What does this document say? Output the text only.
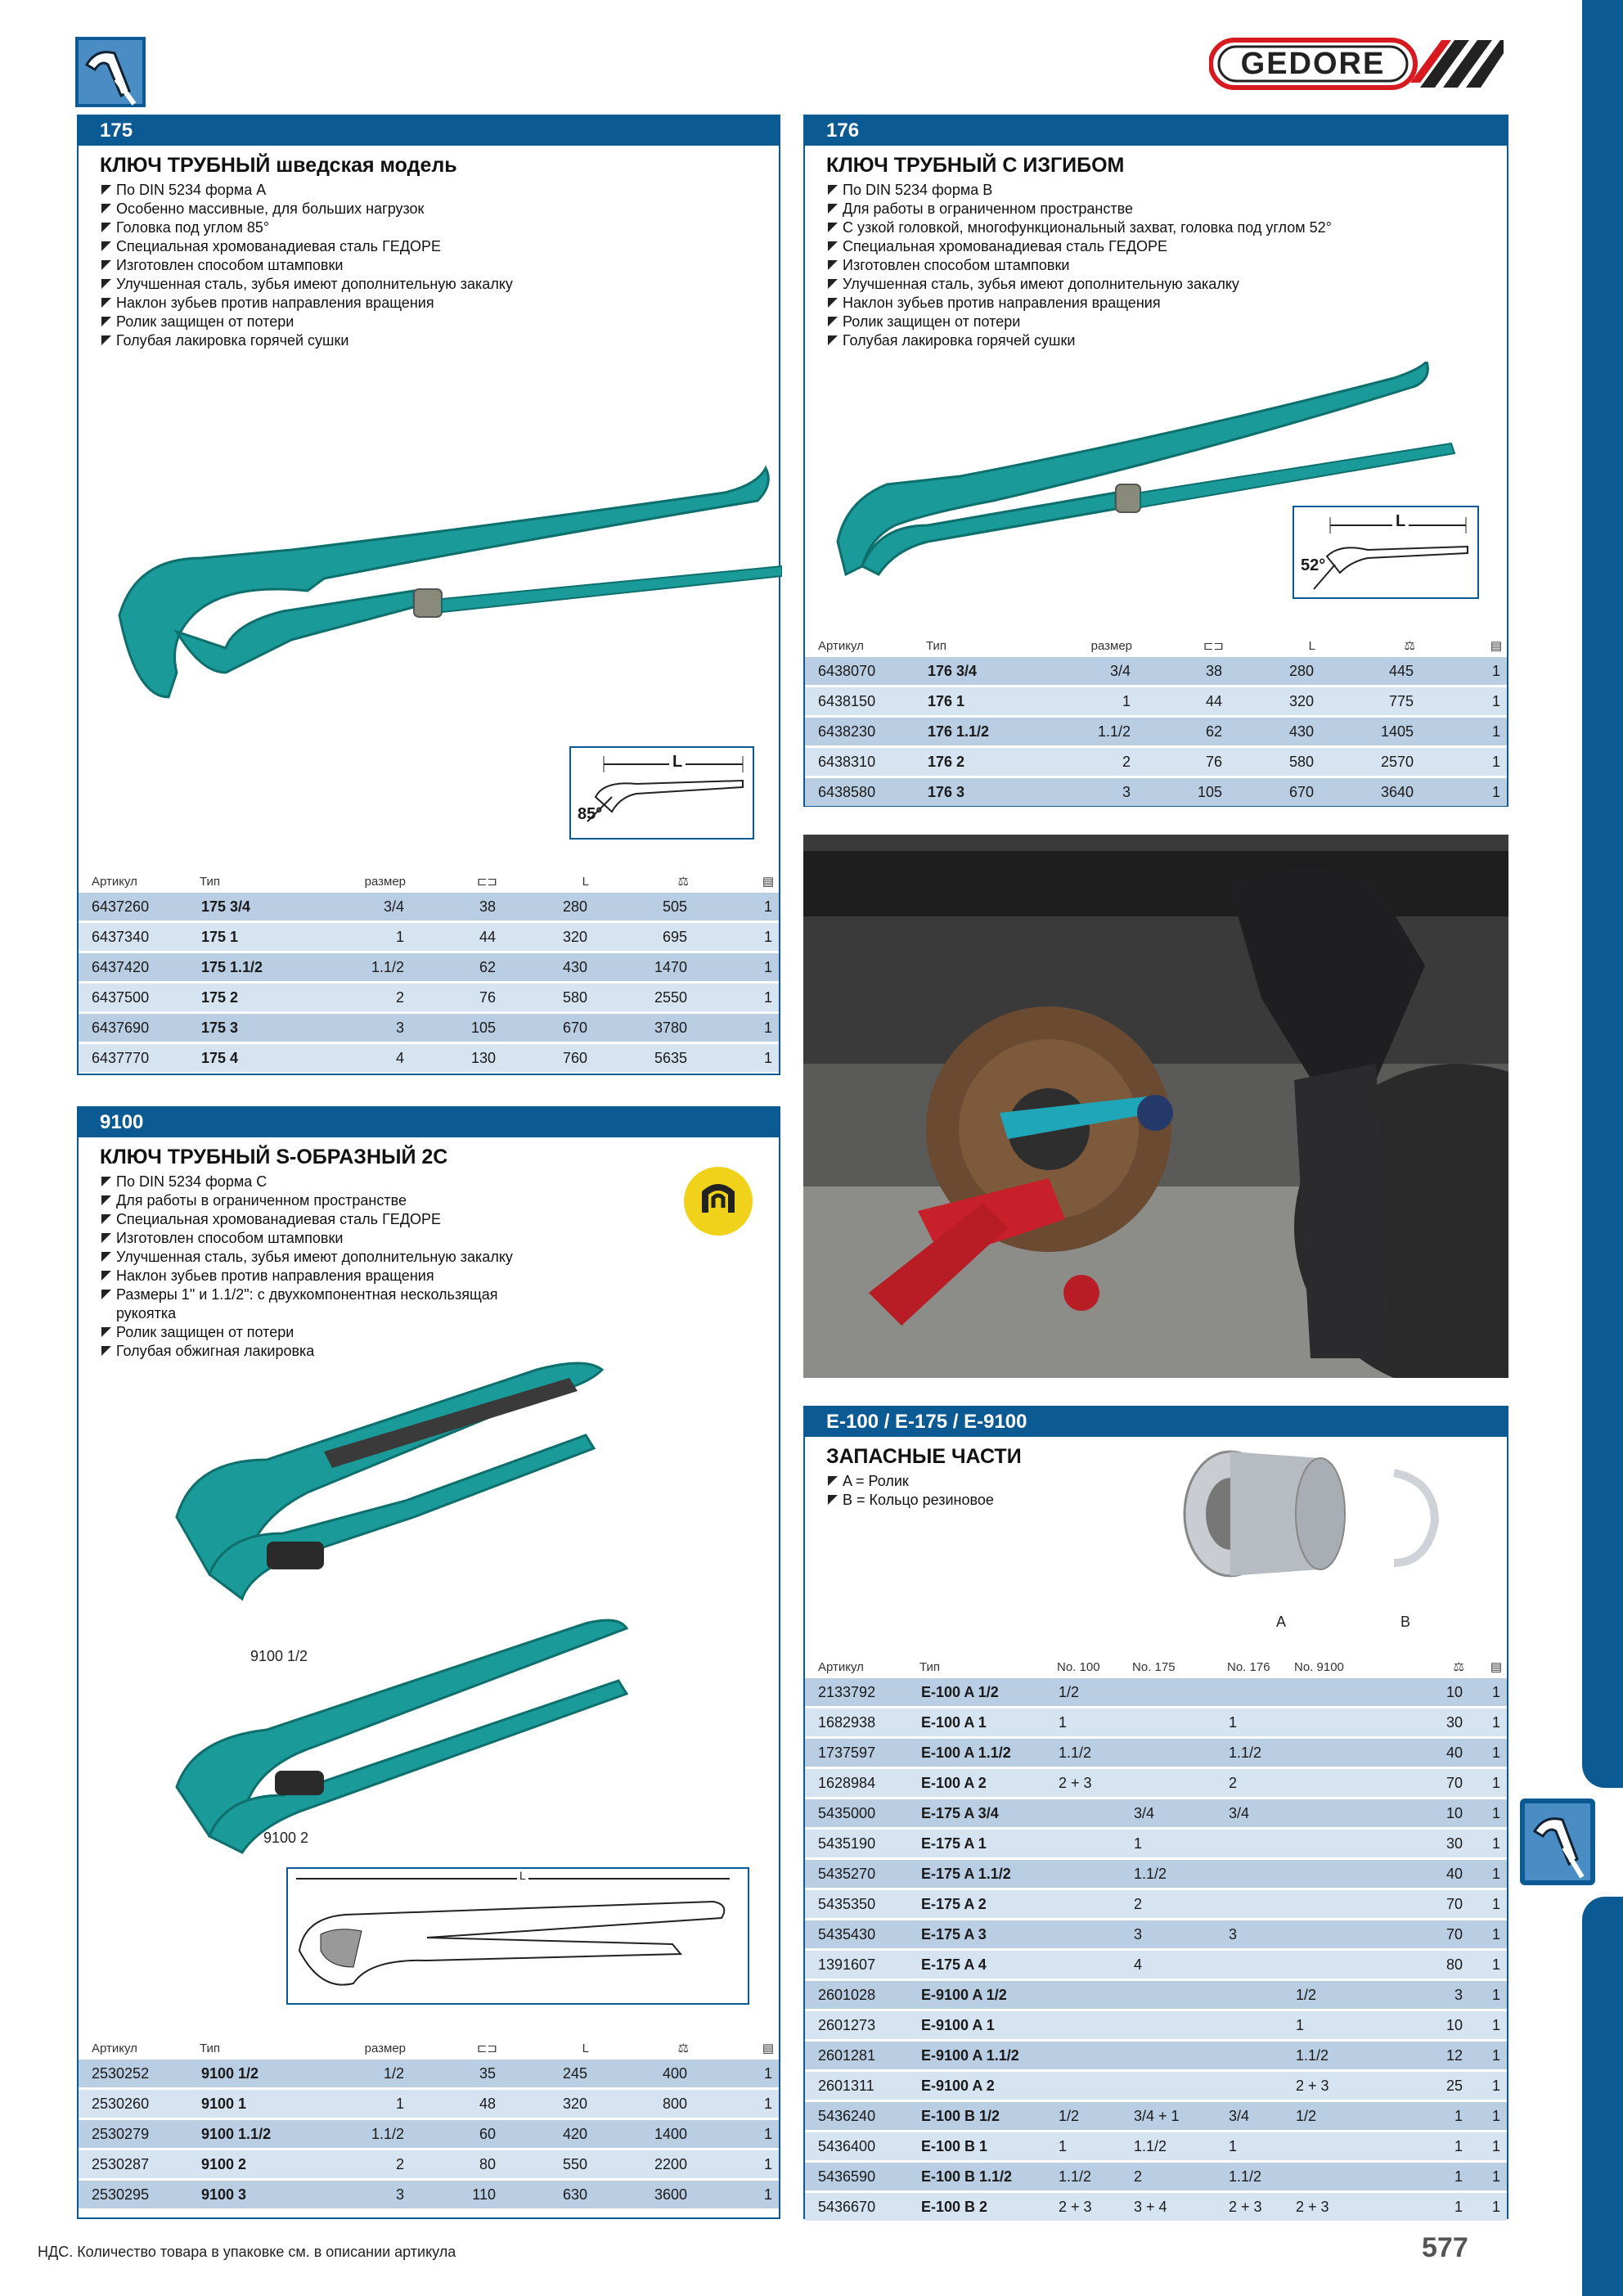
GEDORE
175
КЛЮЧ ТРУБНЫЙ шведская модель
По DIN 5234 форма A
Особенно массивные, для больших нагрузок
Головка под углом 85°
Специальная хромованадиевая сталь ГЕДОРЕ
Изготовлен способом штамповки
Улучшенная сталь, зубья имеют дополнительную закалку
Наклон зубьев против направления вращения
Ролик защищен от потери
Голубая лакировка горячей сушки
L
85°
Артикул	Тип	размер	⊏⊐	L	⚖	▤
6437260	175 3/4	3/4	38	280	505	1
6437340	175 1	1	44	320	695	1
6437420	175 1.1/2	1.1/2	62	430	1470	1
6437500	175 2	2	76	580	2550	1
6437690	175 3	3	105	670	3780	1
6437770	175 4	4	130	760	5635	1
176
КЛЮЧ ТРУБНЫЙ С ИЗГИБОМ
По DIN 5234 форма B
Для работы в ограниченном пространстве
С узкой головкой, многофункциональный захват, головка под углом 52°
Специальная хромованадиевая сталь ГЕДОРЕ
Изготовлен способом штамповки
Улучшенная сталь, зубья имеют дополнительную закалку
Наклон зубьев против направления вращения
Ролик защищен от потери
Голубая лакировка горячей сушки
L
52°
Артикул	Тип	размер	⊏⊐	L	⚖	▤
6438070	176 3/4	3/4	38	280	445	1
6438150	176 1	1	44	320	775	1
6438230	176 1.1/2	1.1/2	62	430	1405	1
6438310	176 2	2	76	580	2570	1
6438580	176 3	3	105	670	3640	1
9100
КЛЮЧ ТРУБНЫЙ S-ОБРАЗНЫЙ 2C
По DIN 5234 форма C
Для работы в ограниченном пространстве
Специальная хромованадиевая сталь ГЕДОРЕ
Изготовлен способом штамповки
Улучшенная сталь, зубья имеют дополнительную закалку
Наклон зубьев против направления вращения
Размеры 1" и 1.1/2": с двухкомпонентная нескользящая рукоятка
Ролик защищен от потери
Голубая обжигная лакировка
9100 1/2
9100 2
L
Артикул	Тип	размер	⊏⊐	L	⚖	▤
2530252	9100 1/2	1/2	35	245	400	1
2530260	9100 1	1	48	320	800	1
2530279	9100 1.1/2	1.1/2	60	420	1400	1
2530287	9100 2	2	80	550	2200	1
2530295	9100 3	3	110	630	3600	1
E-100 / E-175 / E-9100
ЗАПАСНЫЕ ЧАСТИ
A = Ролик
B = Кольцо резиновое
A	B
Артикул	Тип	No. 100	No. 175	No. 176	No. 9100	⚖	▤
2133792	E-100 A 1/2	1/2				10	1
1682938	E-100 A 1	1		1		30	1
1737597	E-100 A 1.1/2	1.1/2		1.1/2		40	1
1628984	E-100 A 2	2 + 3		2		70	1
5435000	E-175 A 3/4		3/4	3/4		10	1
5435190	E-175 A 1		1			30	1
5435270	E-175 A 1.1/2		1.1/2			40	1
5435350	E-175 A 2		2			70	1
5435430	E-175 A 3		3	3		70	1
1391607	E-175 A 4		4			80	1
2601028	E-9100 A 1/2				1/2	3	1
2601273	E-9100 A 1				1	10	1
2601281	E-9100 A 1.1/2				1.1/2	12	1
2601311	E-9100 A 2				2 + 3	25	1
5436240	E-100 B 1/2	1/2	3/4 + 1	3/4	1/2	1	1
5436400	E-100 B 1	1	1.1/2	1		1	1
5436590	E-100 B 1.1/2	1.1/2	2	1.1/2		1	1
5436670	E-100 B 2	2 + 3	3 + 4	2 + 3	2 + 3	1	1
НДС. Количество товара в упаковке см. в описании артикула	577
